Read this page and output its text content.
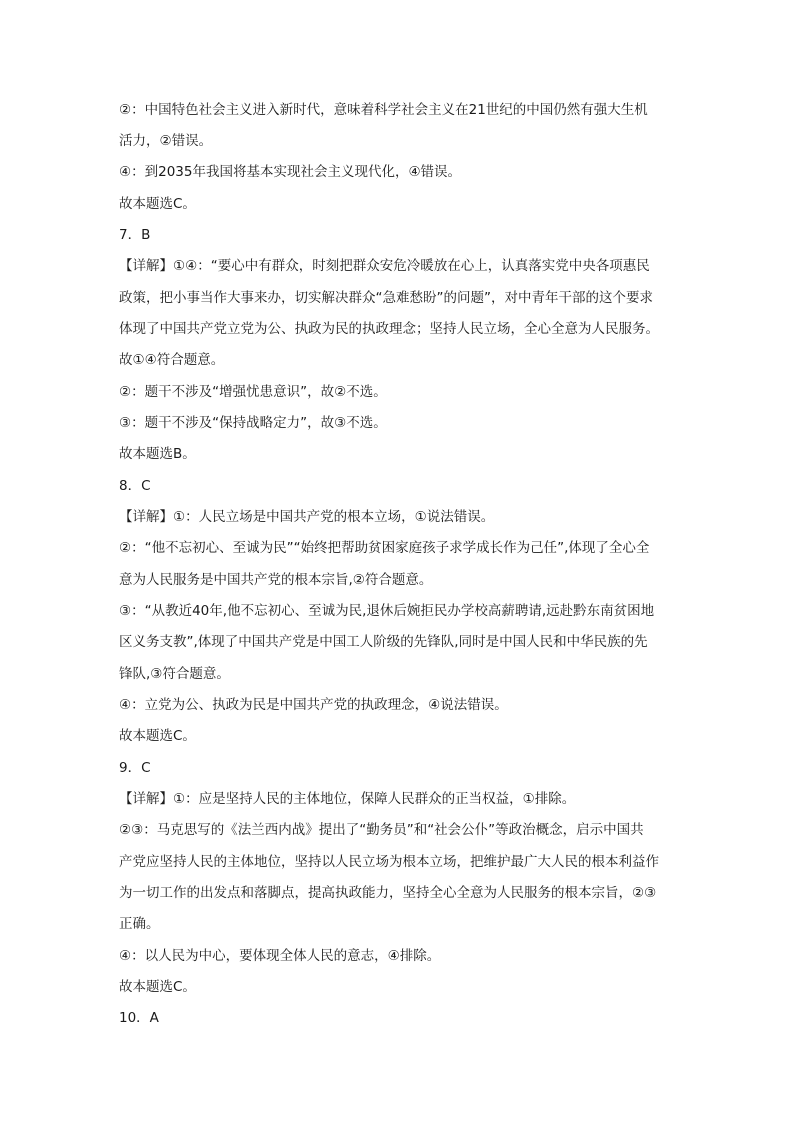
②：中国特色社会主义进入新时代，意味着科学社会主义在21世纪的中国仍然有强大生机
活力，②错误。
④：到2035年我国将基本实现社会主义现代化，④错误。
故本题选C。
7．B
【详解】①④：“要心中有群众，时刻把群众安危冷暖放在心上，认真落实党中央各项惠民
政策，把小事当作大事来办，切实解决群众“急难愁盼”的问题”，对中青年干部的这个要求
体现了中国共产党立党为公、执政为民的执政理念；坚持人民立场，全心全意为人民服务。
故①④符合题意。
②：题干不涉及“增强忧患意识”，故②不选。
③：题干不涉及“保持战略定力”，故③不选。
故本题选B。
8．C
【详解】①：人民立场是中国共产党的根本立场，①说法错误。
②：“他不忘初心、至诚为民”“始终把帮助贫困家庭孩子求学成长作为己任”,体现了全心全
意为人民服务是中国共产党的根本宗旨,②符合题意。
③：“从教近40年,他不忘初心、至诚为民,退休后婉拒民办学校高薪聘请,远赴黔东南贫困地
区义务支教”,体现了中国共产党是中国工人阶级的先锋队,同时是中国人民和中华民族的先
锋队,③符合题意。
④：立党为公、执政为民是中国共产党的执政理念，④说法错误。
故本题选C。
9．C
【详解】①：应是坚持人民的主体地位，保障人民群众的正当权益，①排除。
②③：马克思写的《法兰西内战》提出了“勤务员”和“社会公仆”等政治概念，启示中国共
产党应坚持人民的主体地位，坚持以人民立场为根本立场，把维护最广大人民的根本利益作
为一切工作的出发点和落脚点，提高执政能力，坚持全心全意为人民服务的根本宗旨，②③
正确。
④：以人民为中心，要体现全体人民的意志，④排除。
故本题选C。
10．A
